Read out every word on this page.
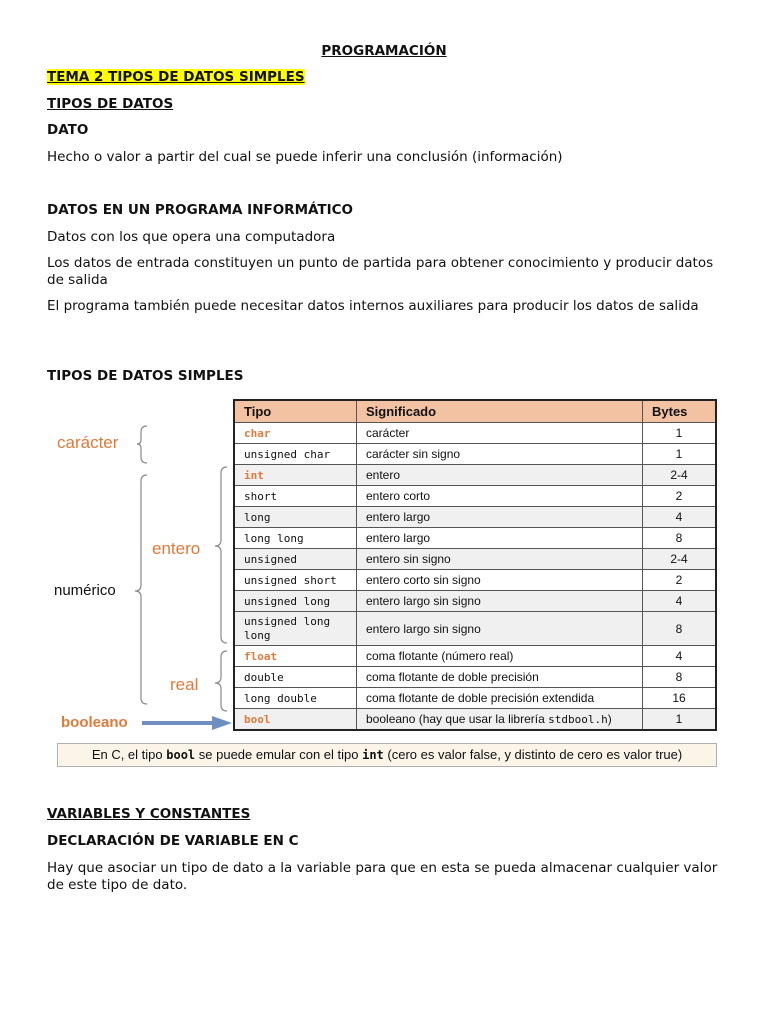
PROGRAMACIÓN
TEMA 2 TIPOS DE DATOS SIMPLES
TIPOS DE DATOS
DATO
Hecho o valor a partir del cual se puede inferir una conclusión (información)
DATOS EN UN PROGRAMA INFORMÁTICO
Datos con los que opera una computadora
Los datos de entrada constituyen un punto de partida para obtener conocimiento y producir datos de salida
El programa también puede necesitar datos internos auxiliares para producir los datos de salida
TIPOS DE DATOS SIMPLES
carácter
numérico
entero
real
booleano
Tipo	Significado	Bytes
char	carácter	1
unsigned char	carácter sin signo	1
int	entero	2-4
short	entero corto	2
long	entero largo	4
long long	entero largo	8
unsigned	entero sin signo	2-4
unsigned short	entero corto sin signo	2
unsigned long	entero largo sin signo	4
unsigned long long	entero largo sin signo	8
float	coma flotante (número real)	4
double	coma flotante de doble precisión	8
long double	coma flotante de doble precisión extendida	16
bool	booleano (hay que usar la librería stdbool.h)	1
En C, el tipo bool se puede emular con el tipo int (cero es valor false, y distinto de cero es valor true)
VARIABLES Y CONSTANTES
DECLARACIÓN DE VARIABLE EN C
Hay que asociar un tipo de dato a la variable para que en esta se pueda almacenar cualquier valor de este tipo de dato.
